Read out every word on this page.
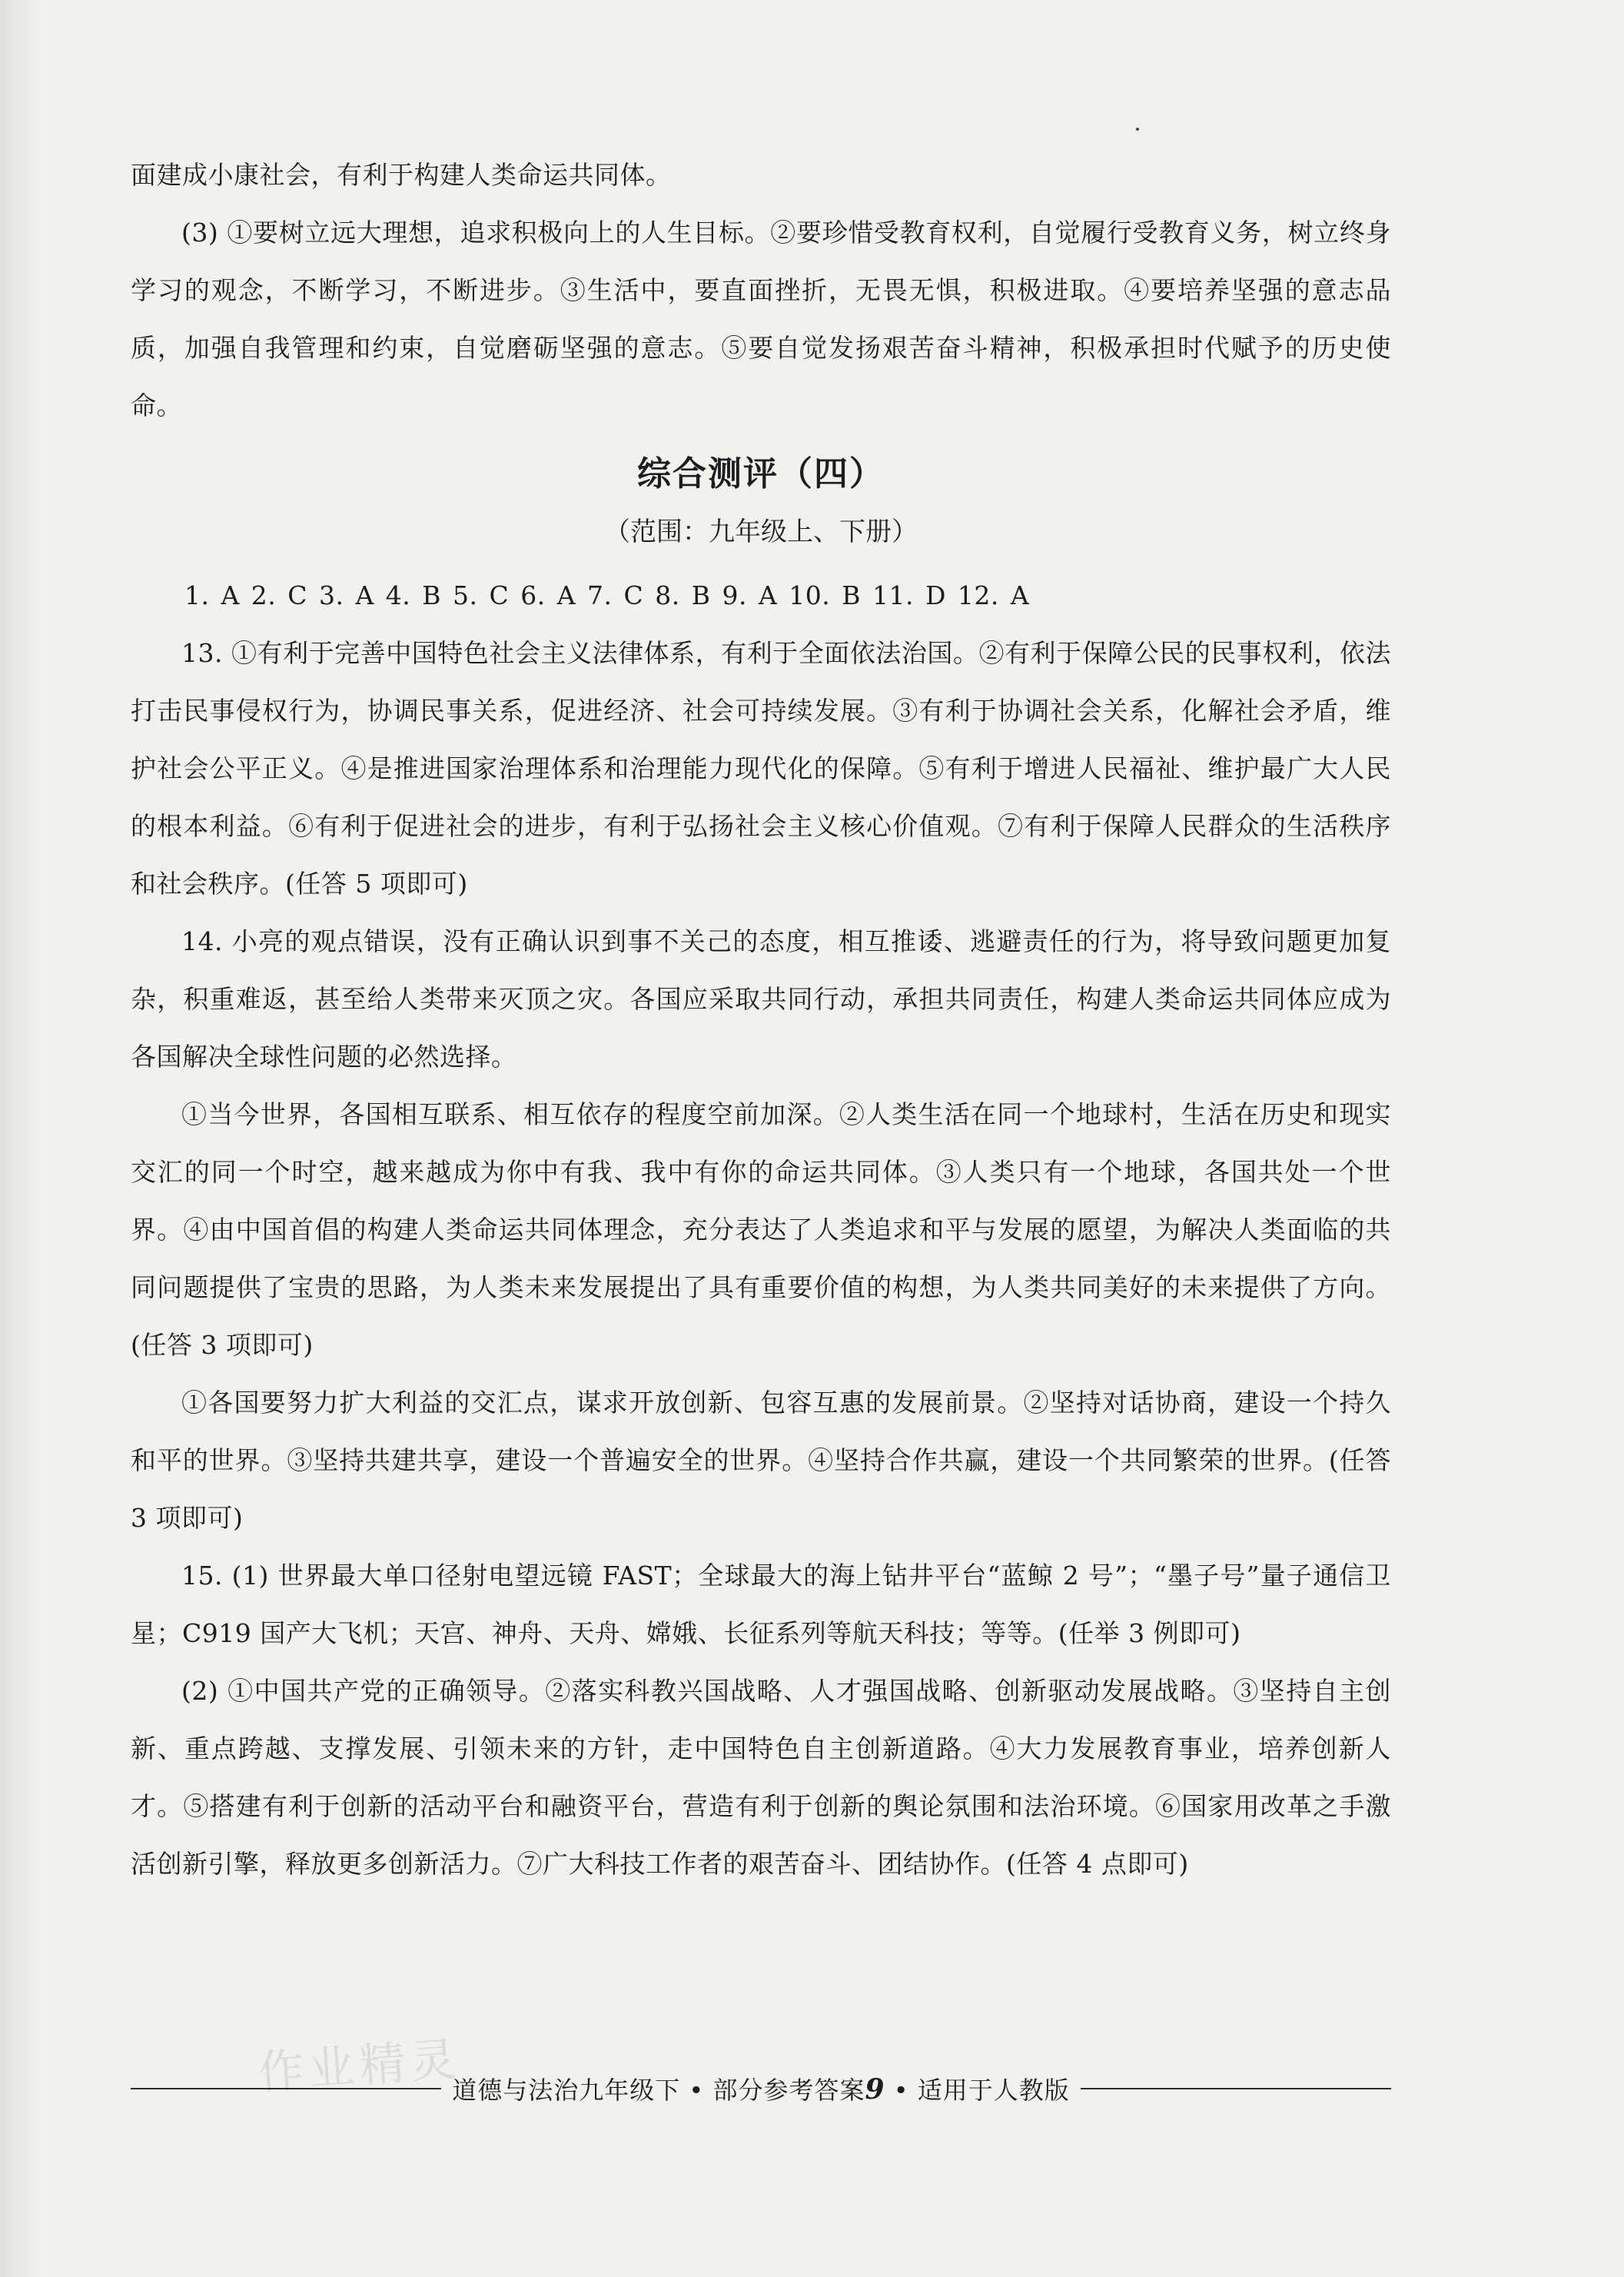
面建成小康社会，有利于构建人类命运共同体。

(3) ①要树立远大理想，追求积极向上的人生目标。②要珍惜受教育权利，自觉履行受教育义务，树立终身学习的观念，不断学习，不断进步。③生活中，要直面挫折，无畏无惧，积极进取。④要培养坚强的意志品质，加强自我管理和约束，自觉磨砺坚强的意志。⑤要自觉发扬艰苦奋斗精神，积极承担时代赋予的历史使命。

综合测评（四）
（范围：九年级上、下册）

1. A 2. C 3. A 4. B 5. C 6. A 7. C 8. B 9. A 10. B 11. D 12. A

13. ①有利于完善中国特色社会主义法律体系，有利于全面依法治国。②有利于保障公民的民事权利，依法打击民事侵权行为，协调民事关系，促进经济、社会可持续发展。③有利于协调社会关系，化解社会矛盾，维护社会公平正义。④是推进国家治理体系和治理能力现代化的保障。⑤有利于增进人民福祉、维护最广大人民的根本利益。⑥有利于促进社会的进步，有利于弘扬社会主义核心价值观。⑦有利于保障人民群众的生活秩序和社会秩序。(任答 5 项即可)

14. 小亮的观点错误，没有正确认识到事不关己的态度，相互推诿、逃避责任的行为，将导致问题更加复杂，积重难返，甚至给人类带来灭顶之灾。各国应采取共同行动，承担共同责任，构建人类命运共同体应成为各国解决全球性问题的必然选择。

①当今世界，各国相互联系、相互依存的程度空前加深。②人类生活在同一个地球村，生活在历史和现实交汇的同一个时空，越来越成为你中有我、我中有你的命运共同体。③人类只有一个地球，各国共处一个世界。④由中国首倡的构建人类命运共同体理念，充分表达了人类追求和平与发展的愿望，为解决人类面临的共同问题提供了宝贵的思路，为人类未来发展提出了具有重要价值的构想，为人类共同美好的未来提供了方向。(任答 3 项即可)

①各国要努力扩大利益的交汇点，谋求开放创新、包容互惠的发展前景。②坚持对话协商，建设一个持久和平的世界。③坚持共建共享，建设一个普遍安全的世界。④坚持合作共赢，建设一个共同繁荣的世界。(任答 3 项即可)

15. (1) 世界最大单口径射电望远镜 FAST；全球最大的海上钻井平台“蓝鲸 2 号”；“墨子号”量子通信卫星；C919 国产大飞机；天宫、神舟、天舟、嫦娥、长征系列等航天科技；等等。(任举 3 例即可)

(2) ①中国共产党的正确领导。②落实科教兴国战略、人才强国战略、创新驱动发展战略。③坚持自主创新、重点跨越、支撑发展、引领未来的方针，走中国特色自主创新道路。④大力发展教育事业，培养创新人才。⑤搭建有利于创新的活动平台和融资平台，营造有利于创新的舆论氛围和法治环境。⑥国家用改革之手激活创新引擎，释放更多创新活力。⑦广大科技工作者的艰苦奋斗、团结协作。(任答 4 点即可)

作业精灵
道德与法治九年级下 • 部分参考答案9 • 适用于人教版
